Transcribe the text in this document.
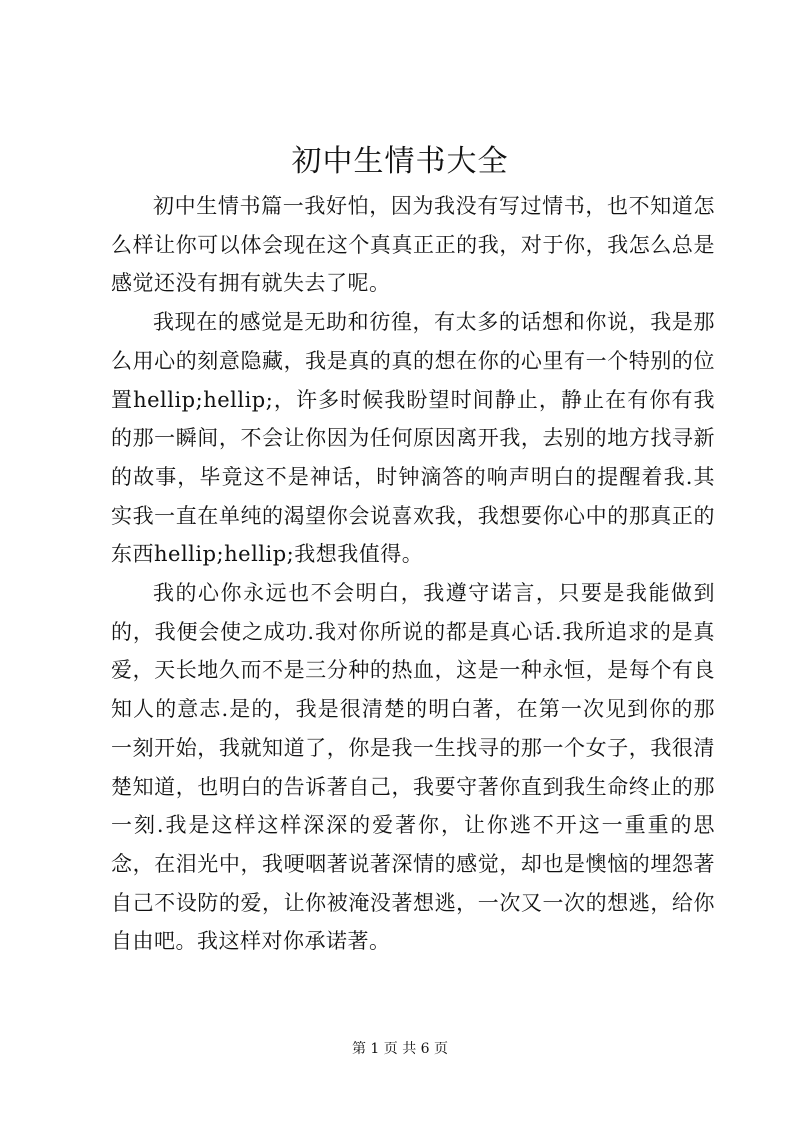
初中生情书大全

初中生情书篇一我好怕，因为我没有写过情书，也不知道怎么样让你可以体会现在这个真真正正的我，对于你，我怎么总是感觉还没有拥有就失去了呢。

我现在的感觉是无助和彷徨，有太多的话想和你说，我是那么用心的刻意隐藏，我是真的真的想在你的心里有一个特别的位置hellip;hellip;，许多时候我盼望时间静止，静止在有你有我的那一瞬间，不会让你因为任何原因离开我，去别的地方找寻新的故事，毕竟这不是神话，时钟滴答的响声明白的提醒着我.其实我一直在单纯的渴望你会说喜欢我，我想要你心中的那真正的东西hellip;hellip;我想我值得。

我的心你永远也不会明白，我遵守诺言，只要是我能做到的，我便会使之成功.我对你所说的都是真心话.我所追求的是真爱，天长地久而不是三分种的热血，这是一种永恒，是每个有良知人的意志.是的，我是很清楚的明白著，在第一次见到你的那一刻开始，我就知道了，你是我一生找寻的那一个女子，我很清楚知道，也明白的告诉著自己，我要守著你直到我生命终止的那一刻.我是这样这样深深的爱著你，让你逃不开这一重重的思念，在泪光中，我哽咽著说著深情的感觉，却也是懊恼的埋怨著自己不设防的爱，让你被淹没著想逃，一次又一次的想逃，给你自由吧。我这样对你承诺著。

第 1 页 共 6 页
